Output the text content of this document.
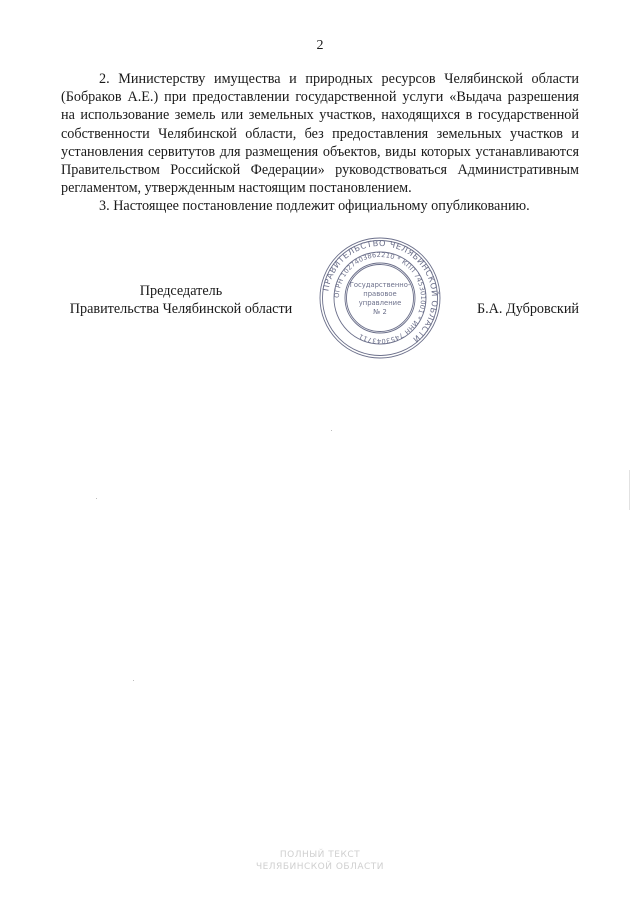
2

2. Министерству имущества и природных ресурсов Челябинской области (Бобраков А.Е.) при предоставлении государственной услуги «Выдача разрешения на использование земель или земельных участков, находящихся в государственной собственности Челябинской области, без предоставления земельных участков и установления сервитутов для размещения объектов, виды которых устанавливаются Правительством Российской Федерации» руководствоваться Административным регламентом, утвержденным настоящим постановлением.

3. Настоящее постановление подлежит официальному опубликованию.

Председатель
Правительства Челябинской области	Б.А. Дубровский
ПРАВИТЕЛЬСТВО ЧЕЛЯБИНСКОЙ ОБЛАСТИ
ОГРН 1027403862210 * КПП 745301001 * ИНН 7453043711
Государственно-
правовое
управление
№ 2
ПОЛНЫЙ ТЕКСТ
ЧЕЛЯБИНСКОЙ ОБЛАСТИ
